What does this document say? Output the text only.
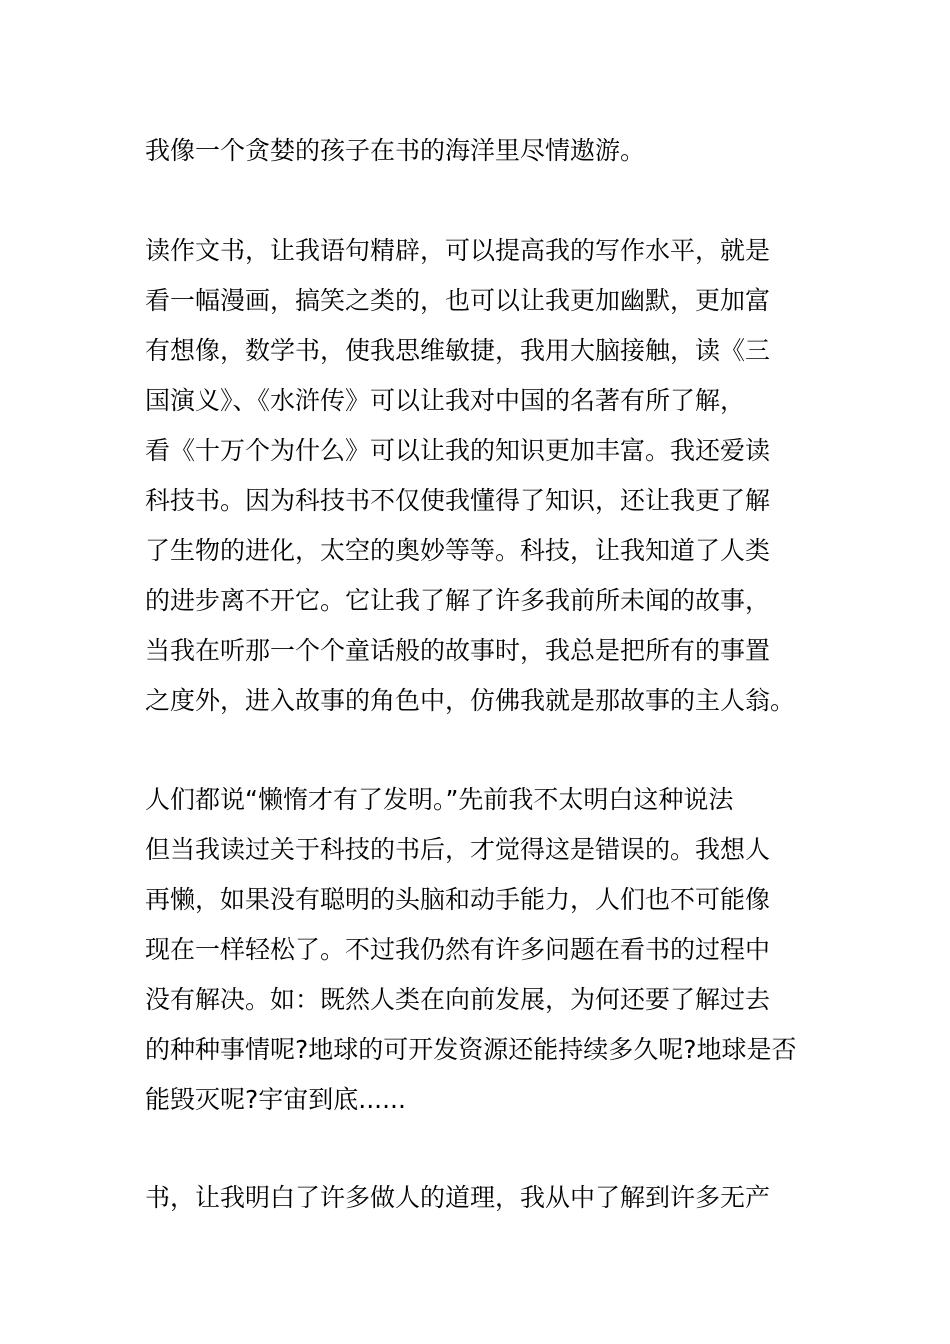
我像一个贪婪的孩子在书的海洋里尽情遨游。
读作文书，让我语句精辟，可以提高我的写作水平，就是
看一幅漫画，搞笑之类的，也可以让我更加幽默，更加富
有想像，数学书，使我思维敏捷，我用大脑接触，读《三
国演义》、《水浒传》可以让我对中国的名著有所了解，
看《十万个为什么》可以让我的知识更加丰富。我还爱读
科技书。因为科技书不仅使我懂得了知识，还让我更了解
了生物的进化，太空的奥妙等等。科技，让我知道了人类
的进步离不开它。它让我了解了许多我前所未闻的故事，
当我在听那一个个童话般的故事时，我总是把所有的事置
之度外，进入故事的角色中，仿佛我就是那故事的主人翁。
人们都说“懒惰才有了发明。”先前我不太明白这种说法
但当我读过关于科技的书后，才觉得这是错误的。我想人
再懒，如果没有聪明的头脑和动手能力，人们也不可能像
现在一样轻松了。不过我仍然有许多问题在看书的过程中
没有解决。如：既然人类在向前发展，为何还要了解过去
的种种事情呢?地球的可开发资源还能持续多久呢?地球是否
能毁灭呢?宇宙到底......
书，让我明白了许多做人的道理，我从中了解到许多无产
